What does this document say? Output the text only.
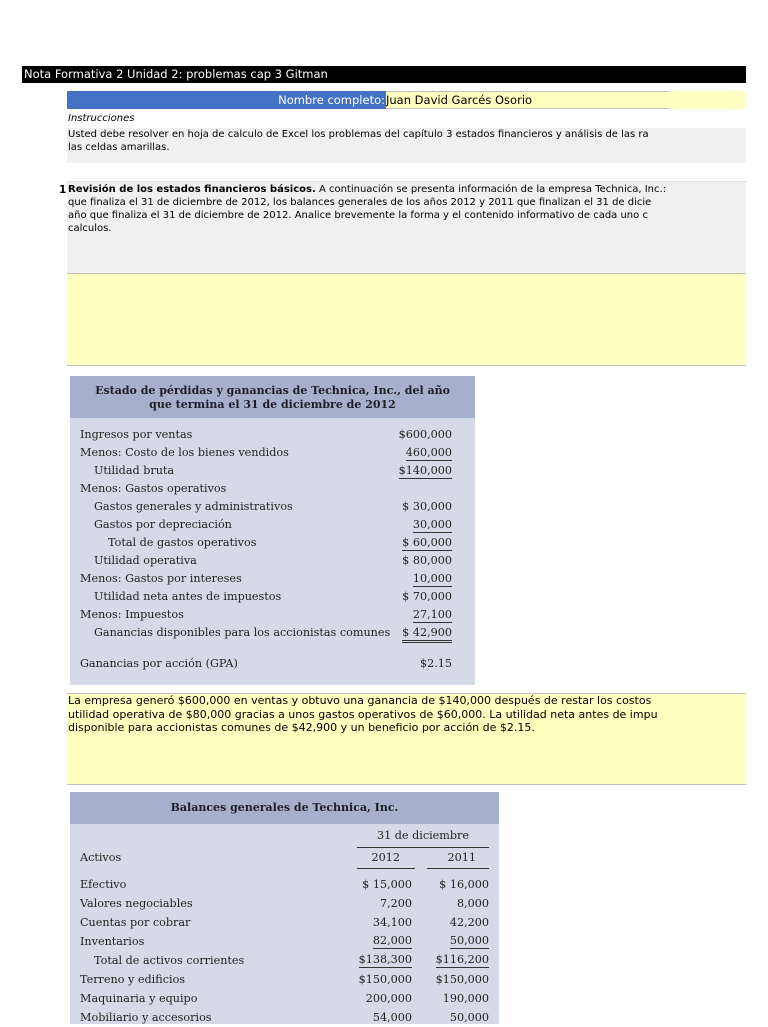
Nota Formativa 2 Unidad 2: problemas cap 3 Gitman
Nombre completo: Juan David Garcés Osorio
Instrucciones
Usted debe resolver en hoja de calculo de Excel los problemas del capítulo 3 estados financieros y análisis de las ra
las celdas amarillas.
Revisión de los estados financieros básicos. A continuación se presenta información de la empresa Technica, Inc.:
que finaliza el 31 de diciembre de 2012, los balances generales de los años 2012 y 2011 que finalizan el 31 de dicie
año que finaliza el 31 de diciembre de 2012. Analice brevemente la forma y el contenido informativo de cada uno c
calculos.
1
Estado de pérdidas y ganancias de Technica, Inc., del año
que termina el 31 de diciembre de 2012
Ingresos por ventas	$600,000
Menos: Costo de los bienes vendidos	460,000
Utilidad bruta	$140,000
Menos: Gastos operativos
Gastos generales y administrativos	$ 30,000
Gastos por depreciación	30,000
Total de gastos operativos	$ 60,000
Utilidad operativa	$ 80,000
Menos: Gastos por intereses	10,000
Utilidad neta antes de impuestos	$ 70,000
Menos: Impuestos	27,100
Ganancias disponibles para los accionistas comunes $ 42,900
Ganancias por acción (GPA)	$2.15
La empresa generó $600,000 en ventas y obtuvo una ganancia de $140,000 después de restar los costos
utilidad operativa de $80,000 gracias a unos gastos operativos de $60,000. La utilidad neta antes de impu
disponible para accionistas comunes de $42,900 y un beneficio por acción de $2.15.
Balances generales de Technica, Inc.
31 de diciembre
Activos	2012	2011
Efectivo	$ 15,000 $ 16,000
Valores negociables	7,200	8,000
Cuentas por cobrar	34,100	42,200
Inventarios	82,000	50,000
Total de activos corrientes	$138,300 $116,200
Terreno y edificios	$150,000 $150,000
Maquinaria y equipo	200,000	190,000
Mobiliario y accesorios	54,000	50,000
